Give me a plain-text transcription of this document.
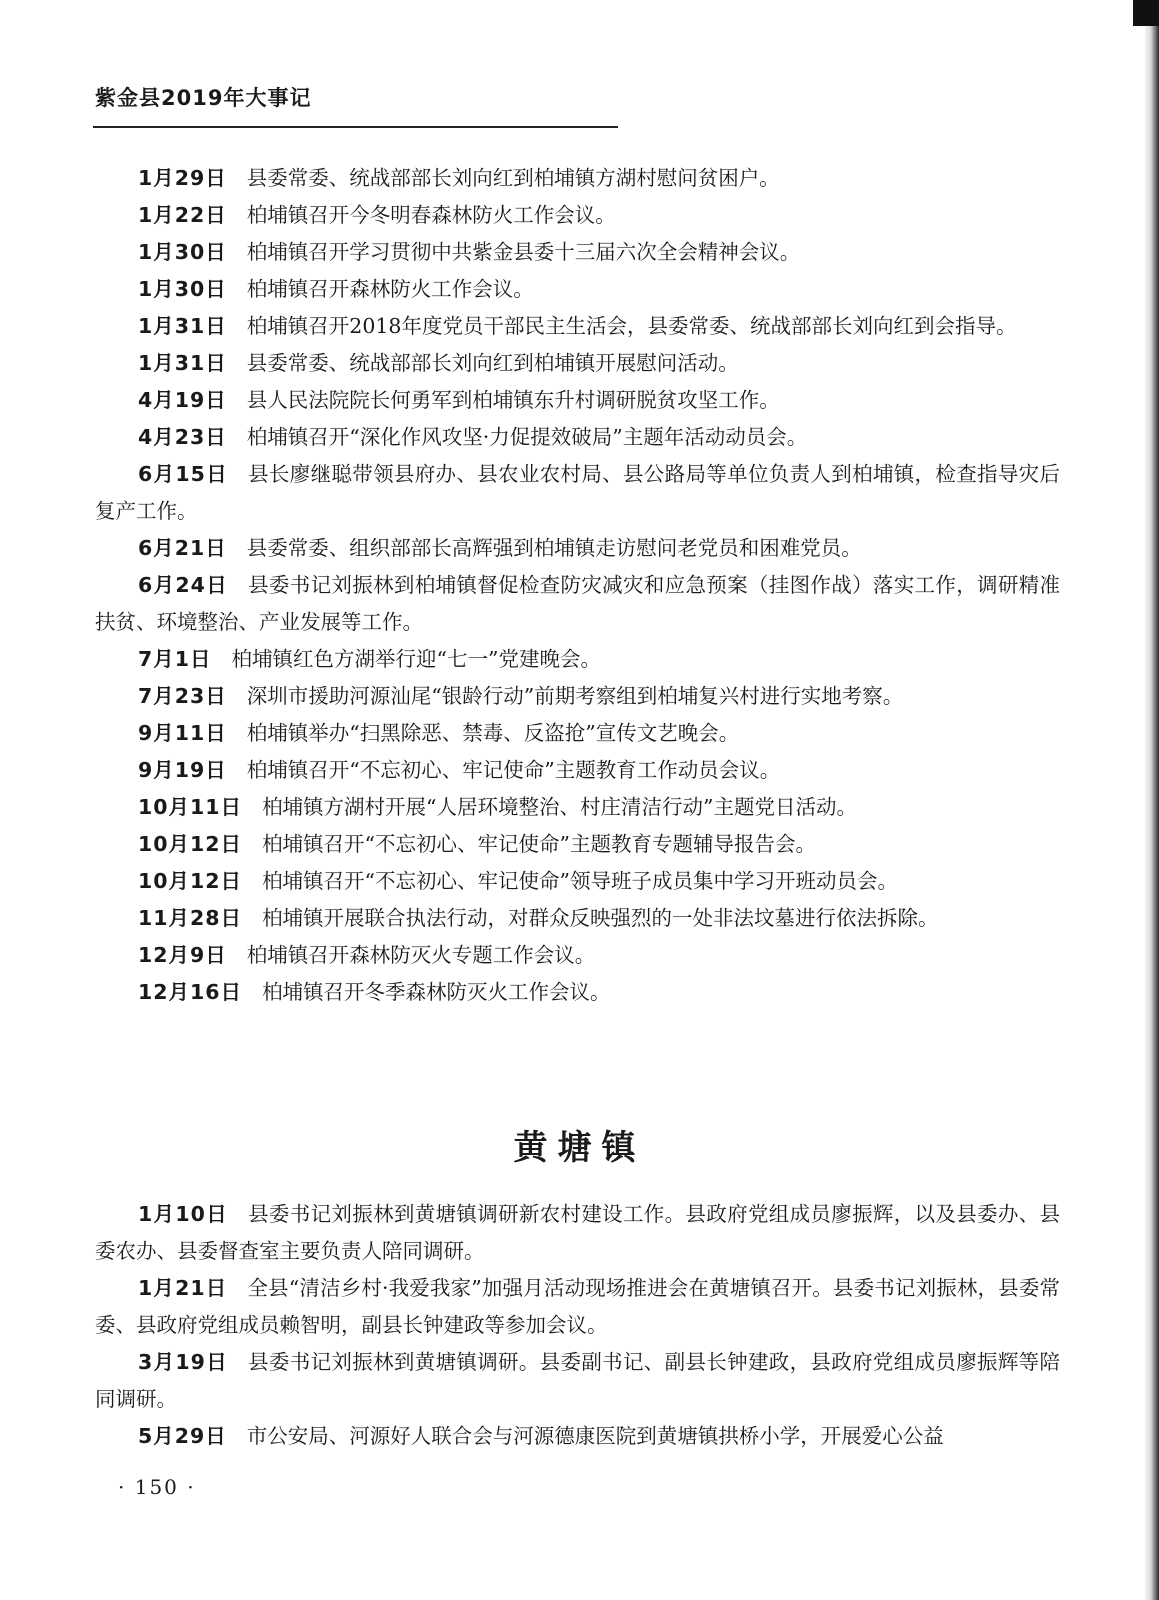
紫金县2019年大事记

1月29日 县委常委、统战部部长刘向红到柏埔镇方湖村慰问贫困户。

1月22日 柏埔镇召开今冬明春森林防火工作会议。

1月30日 柏埔镇召开学习贯彻中共紫金县委十三届六次全会精神会议。

1月30日 柏埔镇召开森林防火工作会议。

1月31日 柏埔镇召开2018年度党员干部民主生活会，县委常委、统战部部长刘向红到会指导。

1月31日 县委常委、统战部部长刘向红到柏埔镇开展慰问活动。

4月19日 县人民法院院长何勇军到柏埔镇东升村调研脱贫攻坚工作。

4月23日 柏埔镇召开“深化作风攻坚·力促提效破局”主题年活动动员会。

6月15日 县长廖继聪带领县府办、县农业农村局、县公路局等单位负责人到柏埔镇，检查指导灾后复产工作。

6月21日 县委常委、组织部部长高辉强到柏埔镇走访慰问老党员和困难党员。

6月24日 县委书记刘振林到柏埔镇督促检查防灾减灾和应急预案（挂图作战）落实工作，调研精准扶贫、环境整治、产业发展等工作。

7月1日 柏埔镇红色方湖举行迎“七一”党建晚会。

7月23日 深圳市援助河源汕尾“银龄行动”前期考察组到柏埔复兴村进行实地考察。

9月11日 柏埔镇举办“扫黑除恶、禁毒、反盗抢”宣传文艺晚会。

9月19日 柏埔镇召开“不忘初心、牢记使命”主题教育工作动员会议。

10月11日 柏埔镇方湖村开展“人居环境整治、村庄清洁行动”主题党日活动。

10月12日 柏埔镇召开“不忘初心、牢记使命”主题教育专题辅导报告会。

10月12日 柏埔镇召开“不忘初心、牢记使命”领导班子成员集中学习开班动员会。

11月28日 柏埔镇开展联合执法行动，对群众反映强烈的一处非法坟墓进行依法拆除。

12月9日 柏埔镇召开森林防灭火专题工作会议。

12月16日 柏埔镇召开冬季森林防灭火工作会议。

黄塘镇

1月10日 县委书记刘振林到黄塘镇调研新农村建设工作。县政府党组成员廖振辉，以及县委办、县委农办、县委督查室主要负责人陪同调研。

1月21日 全县“清洁乡村·我爱我家”加强月活动现场推进会在黄塘镇召开。县委书记刘振林，县委常委、县政府党组成员赖智明，副县长钟建政等参加会议。

3月19日 县委书记刘振林到黄塘镇调研。县委副书记、副县长钟建政，县政府党组成员廖振辉等陪同调研。

5月29日 市公安局、河源好人联合会与河源德康医院到黄塘镇拱桥小学，开展爱心公益

· 150 ·
